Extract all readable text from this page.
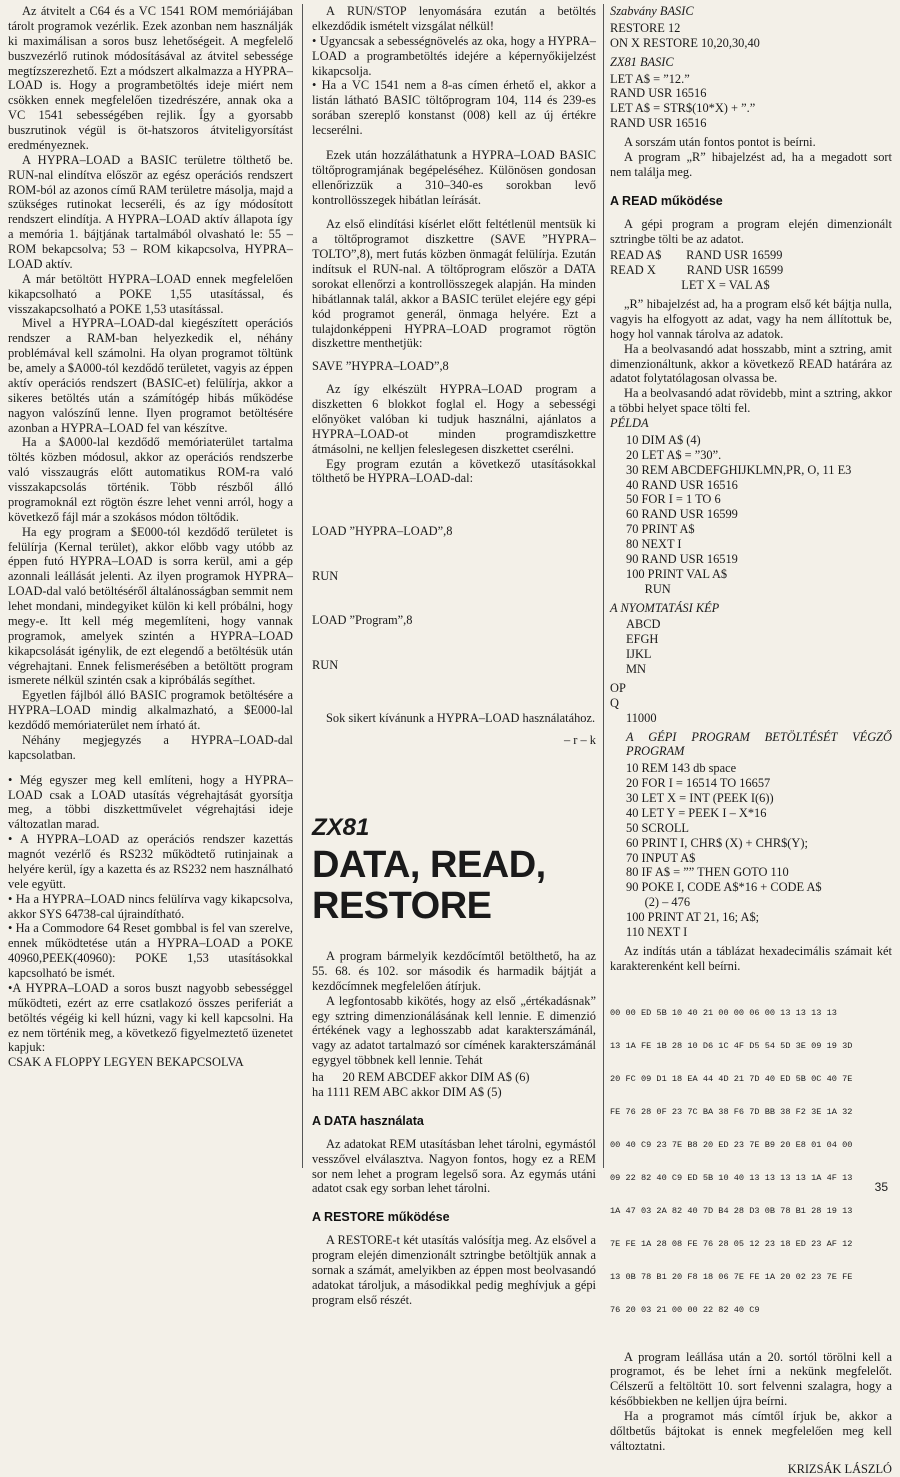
Az átvitelt a C64 és a VC 1541 ROM memóriájában tárolt programok vezérlik. Ezek azonban nem használják ki maximálisan a soros busz lehetőségeit. A megfelelő buszvezérlő rutinok módosításával az átvitel sebessége megtízszerezhető. Ezt a módszert alkalmazza a HYPRA–LOAD is. Hogy a programbetöltés ideje miért nem csökken ennek megfelelően tizedrészére, annak oka a VC 1541 sebességében rejlik. Így a gyorsabb buszrutinok végül is öt-hatszoros átviteligyorsítást eredményeznek.

A HYPRA–LOAD a BASIC területre tölthető be. RUN-nal elindítva először az egész operációs rendszert ROM-ból az azonos című RAM területre másolja, majd a szükséges rutinokat lecseréli, és az így módosított rendszert elindítja. A HYPRA–LOAD aktív állapota így a memória 1. bájtjának tartalmából olvasható le: 55 – ROM bekapcsolva; 53 – ROM kikapcsolva, HYPRA–LOAD aktív.

A már betöltött HYPRA–LOAD ennek megfelelően kikapcsolható a POKE 1,55 utasítással, és visszakapcsolható a POKE 1,53 utasítással.

Mivel a HYPRA–LOAD-dal kiegészített operációs rendszer a RAM-ban helyezkedik el, néhány problémával kell számolni. Ha olyan programot töltünk be, amely a $A000-tól kezdődő területet, vagyis az éppen aktív operációs rendszert (BASIC-et) felülírja, akkor a sikeres betöltés után a számítógép hibás működése nagyon valószínű lenne. Ilyen programot betöltésére azonban a HYPRA–LOAD fel van készítve.

Ha a $A000-lal kezdődő memóriaterület tartalma töltés közben módosul, akkor az operációs rendszerbe való visszaugrás előtt automatikus ROM-ra való visszakapcsolás történik. Több részből álló programoknál ezt rögtön észre lehet venni arról, hogy a következő fájl már a szokásos módon töltődik.

Ha egy program a $E000-tól kezdődő területet is felülírja (Kernal terület), akkor előbb vagy utóbb az éppen futó HYPRA–LOAD is sorra kerül, ami a gép azonnali leállását jelenti. Az ilyen programok HYPRA–LOAD-dal való betöltéséről általánosságban semmit nem lehet mondani, mindegyiket külön ki kell próbálni, hogy megy-e. Itt kell még megemlíteni, hogy vannak programok, amelyek szintén a HYPRA–LOAD kikapcsolását igénylik, de ezt elegendő a betöltésük után végrehajtani. Ennek felismerésében a betöltött program ismerete nélkül szintén csak a kipróbálás segíthet.

Egyetlen fájlból álló BASIC programok betöltésére a HYPRA–LOAD mindig alkalmazható, a $E000-lal kezdődő memóriaterület nem írható át.

Néhány megjegyzés a HYPRA–LOAD-dal kapcsolatban.

• Még egyszer meg kell említeni, hogy a HYPRA–LOAD csak a LOAD utasítás végrehajtását gyorsítja meg, a többi diszkettművelet végrehajtási ideje változatlan marad.

• A HYPRA–LOAD az operációs rendszer kazettás magnót vezérlő és RS232 működtető rutinjainak a helyére kerül, így a kazetta és az RS232 nem használható vele együtt.

• Ha a HYPRA–LOAD nincs felülírva vagy kikapcsolva, akkor SYS 64738-cal újraindítható.

• Ha a Commodore 64 Reset gombbal is fel van szerelve, ennek működtetése után a HYPRA–LOAD a POKE 40960,PEEK(40960): POKE 1,53 utasításokkal kapcsolható be ismét.

•A HYPRA–LOAD a soros buszt nagyobb sebességgel működteti, ezért az erre csatlakozó összes periferiát a betöltés végéig ki kell húzni, vagy ki kell kapcsolni. Ha ez nem történik meg, a következő figyelmeztető üzenetet kapjuk:

CSAK A FLOPPY LEGYEN BEKAPCSOLVA

A RUN/STOP lenyomására ezután a betöltés elkezdődik ismételt vizsgálat nélkül!

• Ugyancsak a sebességnövelés az oka, hogy a HYPRA–LOAD a programbetöltés idejére a képernyőkijelzést kikapcsolja.

• Ha a VC 1541 nem a 8-as címen érhető el, akkor a listán látható BASIC töltőprogram 104, 114 és 239-es sorában szereplő konstanst (008) kell az új értékre lecserélni.

Ezek után hozzáláthatunk a HYPRA–LOAD BASIC töltőprogramjának begépeléséhez. Különösen gondosan ellenőrizzük a 310–340-es sorokban levő kontrollösszegek hibátlan leírását.

Az első elindítási kísérlet előtt feltétlenül mentsük ki a töltőprogramot diszkettre (SAVE ”HYPRA–TOLTO”,8), mert futás közben önmagát felülírja. Ezután indítsuk el RUN-nal. A töltőprogram először a DATA sorokat ellenőrzi a kontrollösszegek alapján. Ha minden hibátlannak talál, akkor a BASIC terület elejére egy gépi kód programot generál, önmaga helyére. Ezt a tulajdonképpeni HYPRA–LOAD programot rögtön diszkettre menthetjük:

SAVE ”HYPRA–LOAD”,8

Az így elkészült HYPRA–LOAD program a diszketten 6 blokkot foglal el. Hogy a sebességi előnyöket valóban ki tudjuk használni, ajánlatos a HYPRA–LOAD-ot minden programdiszkettre átmásolni, ne kelljen feleslegesen diszkettet cserélni.

Egy program ezután a következő utasításokkal tölthető be HYPRA–LOAD-dal:

LOAD ”HYPRA–LOAD”,8

RUN

LOAD ”Program”,8

RUN

Sok sikert kívánunk a HYPRA–LOAD használatához.

– r – k
ZX81
DATA, READ,
RESTORE

A program bármelyik kezdőcímtől betölthető, ha az 55. 68. és 102. sor második és harmadik bájtját a kezdőcímnek megfelelően átírjuk.

A legfontosabb kikötés, hogy az első „értékadásnak” egy sztring dimenzionálásának kell lennie. E dimenzió értékének vagy a leghosszabb adat karakterszámánál, vagy az adatot tartalmazó sor címének karakterszámánál egygyel többnek kell lennie. Tehát

ha      20 REM ABCDEF akkor DIM A$ (6)
ha 1111 REM ABC akkor DIM A$ (5)
A DATA használata

Az adatokat REM utasításban lehet tárolni, egymástól vesszővel elválasztva. Nagyon fontos, hogy ez a REM sor nem lehet a program legelső sora. Az egymás utáni adatot csak egy sorban lehet tárolni.

A RESTORE működése

A RESTORE-t két utasítás valósítja meg. Az elsővel a program elején dimenzionált sztringbe betöltjük annak a sornak a számát, amelyikben az éppen most beolvasandó adatokat tároljuk, a másodikkal pedig meghívjuk a gépi program első részét.

Szabvány BASIC
RESTORE 12
ON X RESTORE 10,20,30,40
ZX81 BASIC
LET A$ = ”12.”
RAND USR 16516
LET A$ = STR$(10*X) + ”.”
RAND USR 16516

A sorszám után fontos pontot is beírni.

A program „R” hibajelzést ad, ha a megadott sort nem találja meg.

A READ működése

A gépi program a program elején dimenzionált sztringbe tölti be az adatot.

READ A$        RAND USR 16599
READ X          RAND USR 16599
LET X = VAL A$

„R” hibajelzést ad, ha a program első két bájtja nulla, vagyis ha elfogyott az adat, vagy ha nem állítottuk be, hogy hol vannak tárolva az adatok.

Ha a beolvasandó adat hosszabb, mint a sztring, amit dimenzionáltunk, akkor a következő READ határára az adatot folytatólagosan olvassa be.

Ha a beolvasandó adat rövidebb, mint a sztring, akkor a többi helyet space tölti fel.

PÉLDA
10 DIM A$ (4)
20 LET A$ = ”30”.
30 REM ABCDEFGHIJKLMN,PR, O, 11 E3
40 RAND USR 16516
50 FOR I = 1 TO 6
60 RAND USR 16599
70 PRINT A$
80 NEXT I
90 RAND USR 16519
100 PRINT VAL A$
RUN
A NYOMTATÁSI KÉP
ABCD
EFGH
IJKL
MN
OP
Q
11000
A GÉPI PROGRAM BETÖLTÉSÉT VÉGZŐ PROGRAM
10 REM 143 db space
20 FOR I = 16514 TO 16657
30 LET X = INT (PEEK I(6))
40 LET Y = PEEK I – X*16
50 SCROLL
60 PRINT I, CHR$ (X) + CHR$(Y);
70 INPUT A$
80 IF A$ = ”” THEN GOTO 110
90 POKE I, CODE A$*16 + CODE A$
(2) – 476
100 PRINT AT 21, 16; A$;
110 NEXT I

Az indítás után a táblázat hexadecimális számait két karakterenként kell beírni.

00 00 ED 5B 10 40 21 00 00 06 00 13 13 13 13

13 1A FE 1B 28 10 D6 1C 4F D5 54 5D 3E 09 19 3D

20 FC 09 D1 18 EA 44 4D 21 7D 40 ED 5B 0C 40 7E

FE 76 28 0F 23 7C BA 38 F6 7D BB 38 F2 3E 1A 32

00 40 C9 23 7E B8 20 ED 23 7E B9 20 E8 01 04 00

09 22 82 40 C9 ED 5B 10 40 13 13 13 13 1A 4F 13

1A 47 03 2A 82 40 7D B4 28 D3 0B 78 B1 28 19 13

7E FE 1A 28 08 FE 76 28 05 12 23 18 ED 23 AF 12

13 0B 78 B1 20 F8 18 06 7E FE 1A 20 02 23 7E FE

76 20 03 21 00 00 22 82 40 C9

A program leállása után a 20. sortól törölni kell a programot, és be lehet írni a nekünk megfelelőt. Célszerű a feltöltött 10. sort felvenni szalagra, hogy a későbbiekben ne kelljen újra beírni.

Ha a programot más címtől írjuk be, akkor a dőltbetűs bájtokat is ennek megfelelően meg kell változtatni.

KRIZSÁK LÁSZLÓ
35
